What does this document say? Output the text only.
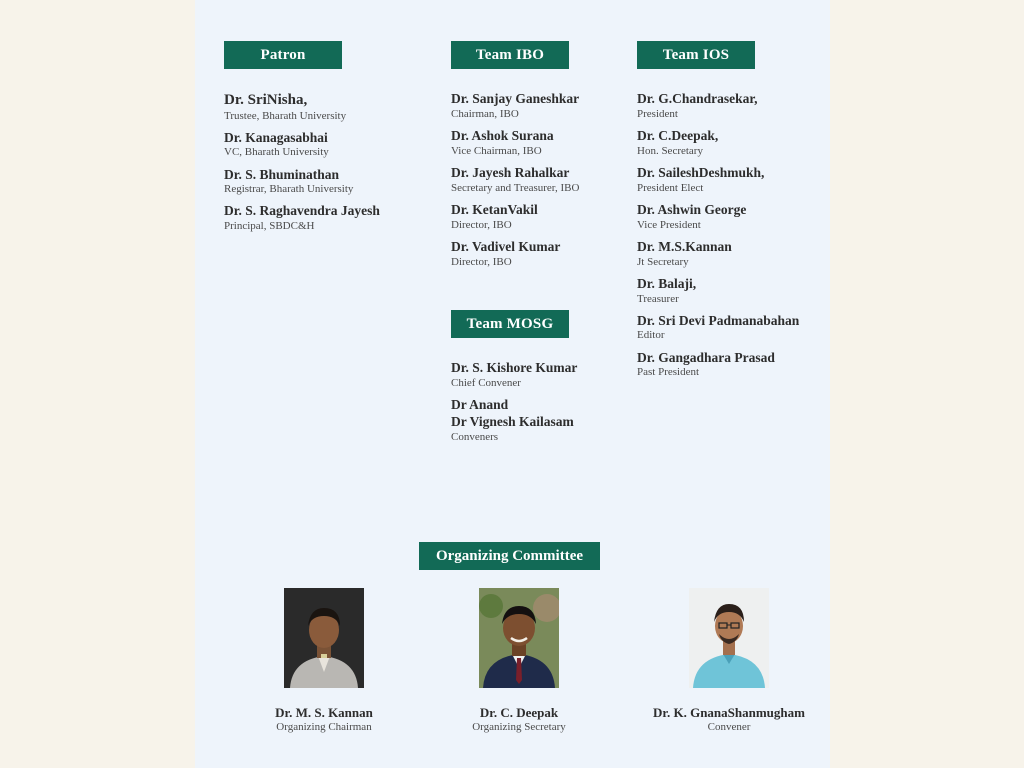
Patron
Dr. SriNisha,
Trustee, Bharath University
Dr. Kanagasabhai
VC, Bharath University
Dr. S. Bhuminathan
Registrar, Bharath University
Dr. S. Raghavendra Jayesh
Principal, SBDC&H
Team IBO
Dr. Sanjay Ganeshkar
Chairman, IBO
Dr. Ashok Surana
Vice Chairman, IBO
Dr. Jayesh Rahalkar
Secretary and Treasurer, IBO
Dr. KetanVakil
Director, IBO
Dr. Vadivel Kumar
Director, IBO
Team MOSG
Dr. S. Kishore Kumar
Chief Convener
Dr Anand
Dr Vignesh Kailasam
Conveners
Team IOS
Dr. G.Chandrasekar,
President
Dr. C.Deepak,
Hon. Secretary
Dr. SaileshDeshmukh,
President Elect
Dr. Ashwin George
Vice President
Dr. M.S.Kannan
Jt Secretary
Dr. Balaji,
Treasurer
Dr. Sri Devi Padmanabahan
Editor
Dr. Gangadhara Prasad
Past President
Organizing Committee
Dr. M. S. Kannan
Organizing Chairman
Dr. C. Deepak
Organizing Secretary
Dr. K. GnanaShanmugham
Convener
